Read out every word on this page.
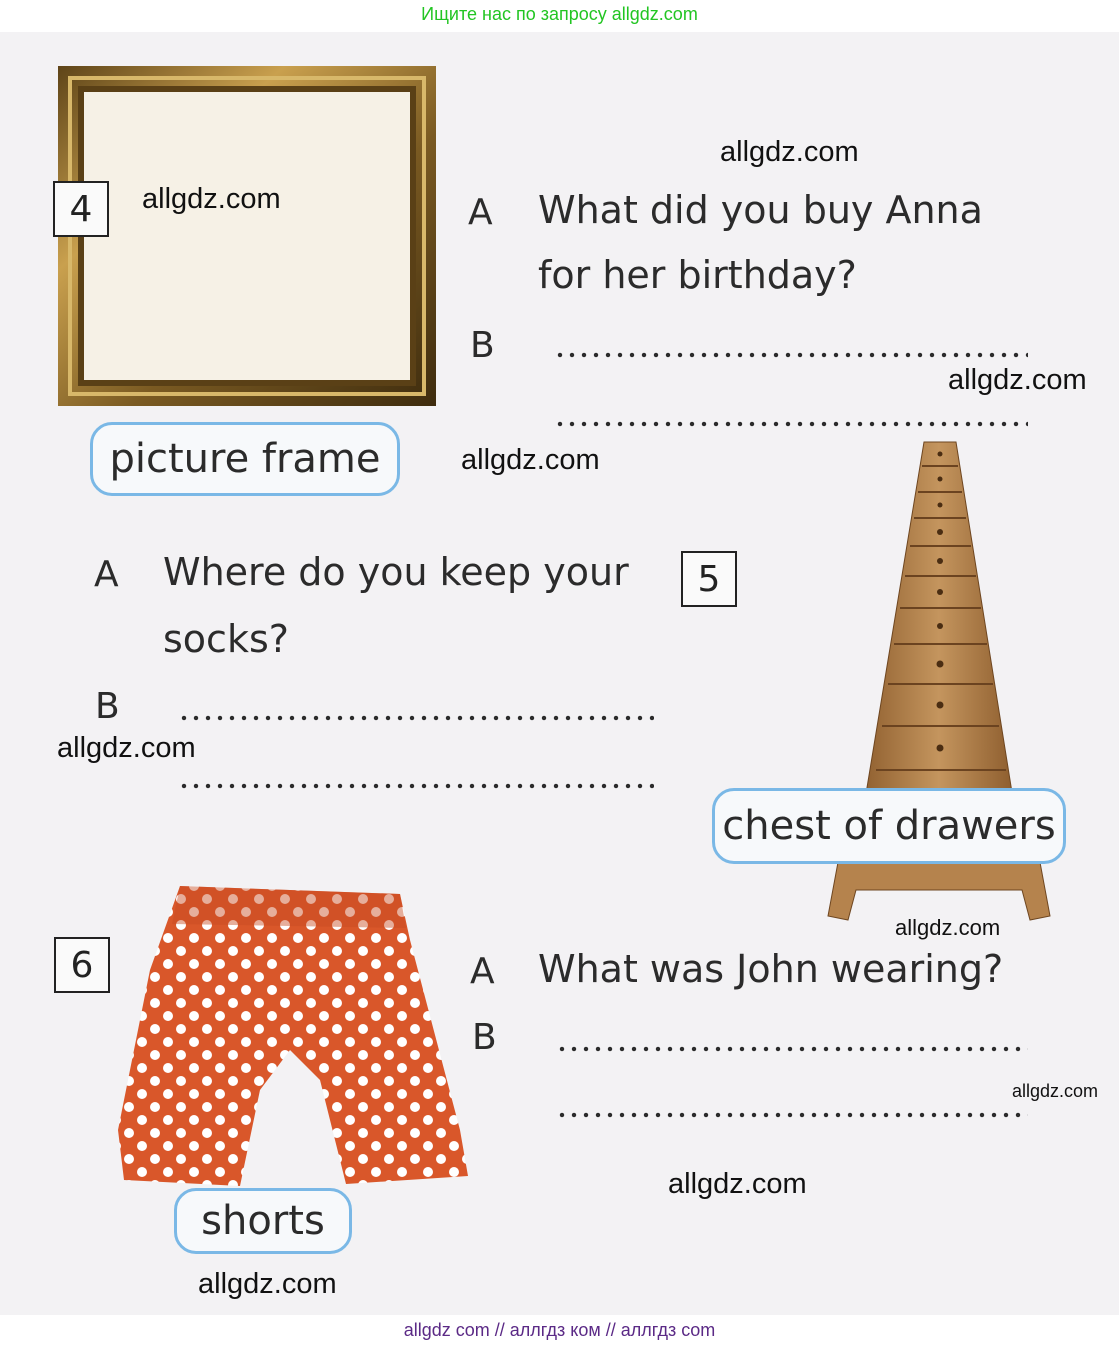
Ищите нас по запросу allgdz.com
4	allgdz.com
picture frame
allgdz.com
A What did you buy Anna
for her birthday?
B
allgdz.com
allgdz.com
A Where do you keep your
socks?
B
allgdz.com
5
chest of drawers
allgdz.com
6
shorts
allgdz.com
A What was John wearing?
B
allgdz.com
allgdz.com
allgdz com // аллгдз ком // аллгдз com
